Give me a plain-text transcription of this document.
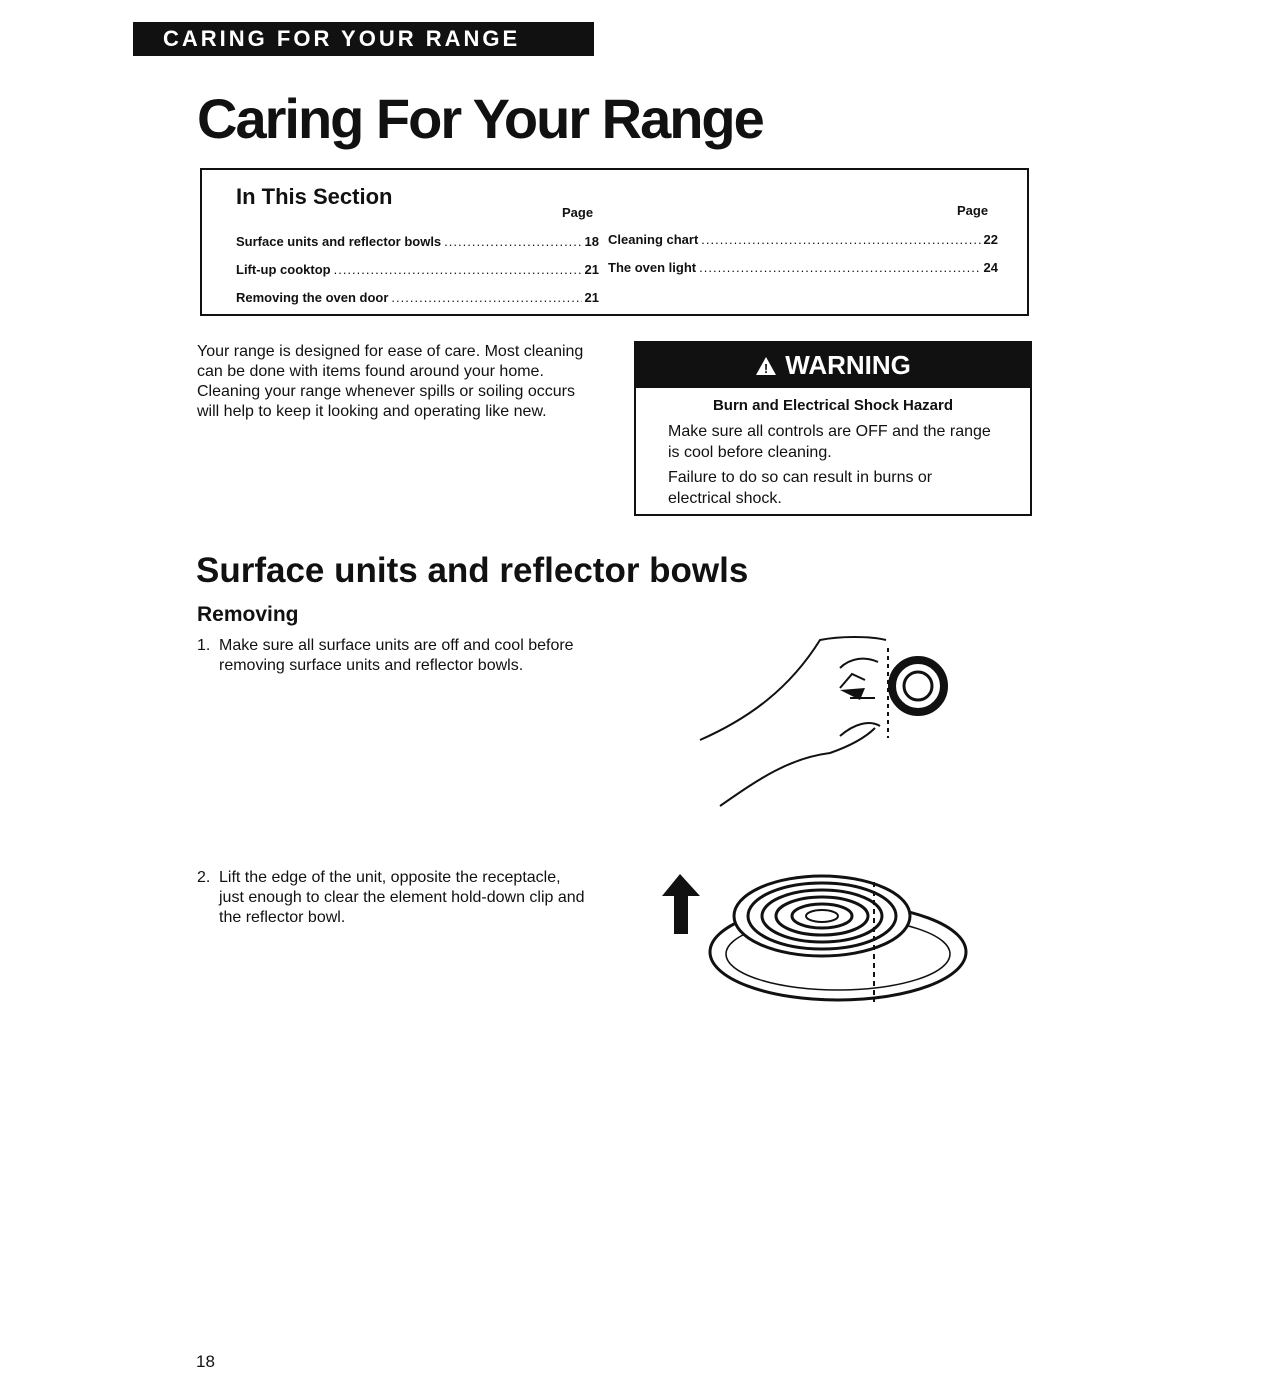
CARING FOR YOUR RANGE
Caring For Your Range
In This Section
Page	Page
Surface units and reflector bowls .....	18
Lift-up cooktop .....	21
Removing the oven door .....	21
Cleaning chart .....	22
The oven light .....	24

Your range is designed for ease of care. Most cleaning can be done with items found around your home. Cleaning your range whenever spills or soiling occurs will help to keep it looking and operating like new.

! WARNING

Burn and Electrical Shock Hazard

Make sure all controls are OFF and the range is cool before cleaning.

Failure to do so can result in burns or electrical shock.

Surface units and reflector bowls
Removing
1. Make sure all surface units are off and cool before removing surface units and reflector bowls.
2. Lift the edge of the unit, opposite the receptacle, just enough to clear the element hold-down clip and the reflector bowl.
18
